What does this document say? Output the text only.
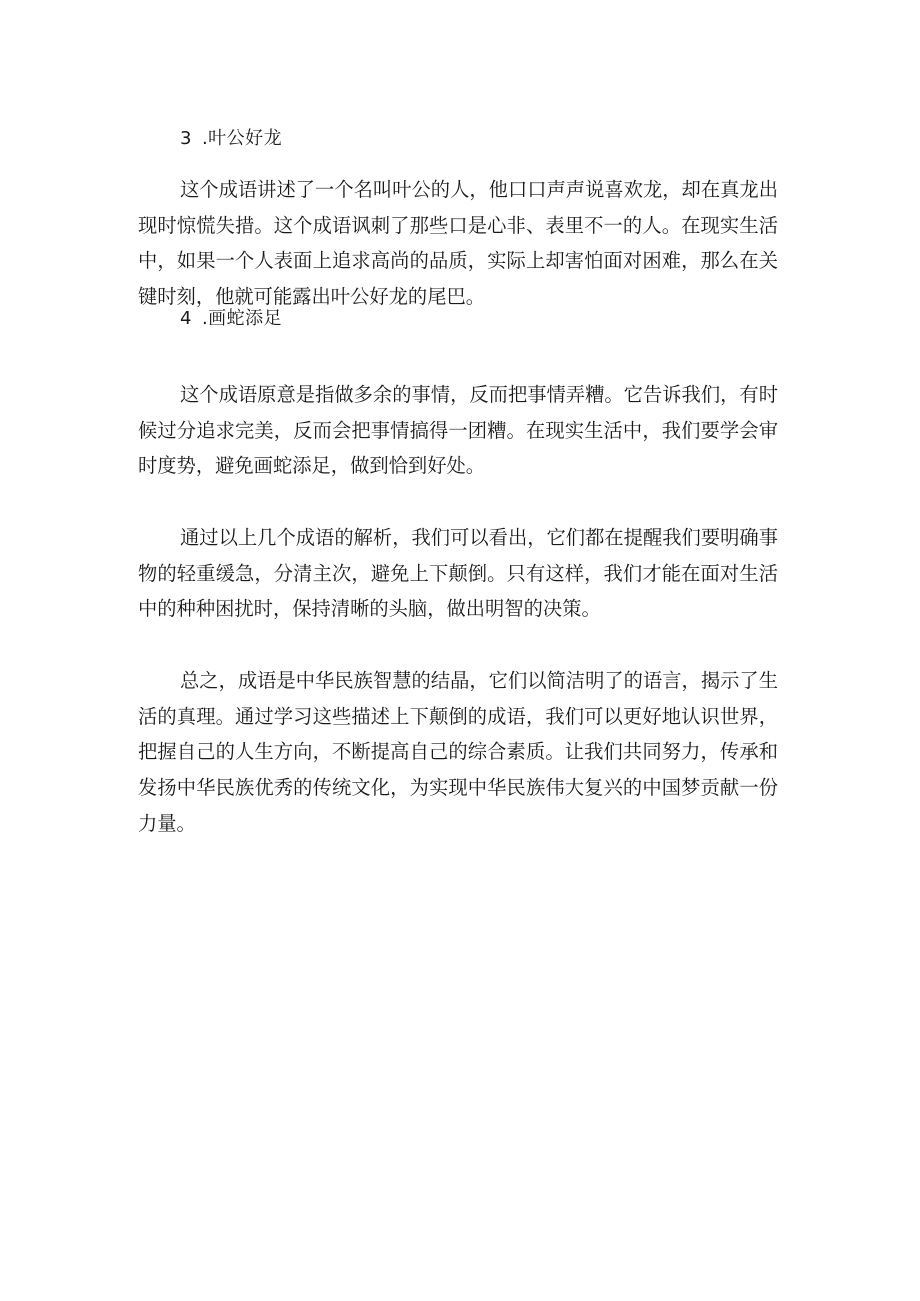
3 .叶公好龙

这个成语讲述了一个名叫叶公的人，他口口声声说喜欢龙，却在真龙出现时惊慌失措。这个成语讽刺了那些口是心非、表里不一的人。在现实生活中，如果一个人表面上追求高尚的品质，实际上却害怕面对困难，那么在关键时刻，他就可能露出叶公好龙的尾巴。

4 .画蛇添足

这个成语原意是指做多余的事情，反而把事情弄糟。它告诉我们，有时候过分追求完美，反而会把事情搞得一团糟。在现实生活中，我们要学会审时度势，避免画蛇添足，做到恰到好处。

通过以上几个成语的解析，我们可以看出，它们都在提醒我们要明确事物的轻重缓急，分清主次，避免上下颠倒。只有这样，我们才能在面对生活中的种种困扰时，保持清晰的头脑，做出明智的决策。

总之，成语是中华民族智慧的结晶，它们以简洁明了的语言，揭示了生活的真理。通过学习这些描述上下颠倒的成语，我们可以更好地认识世界，把握自己的人生方向，不断提高自己的综合素质。让我们共同努力，传承和发扬中华民族优秀的传统文化，为实现中华民族伟大复兴的中国梦贡献一份力量。
